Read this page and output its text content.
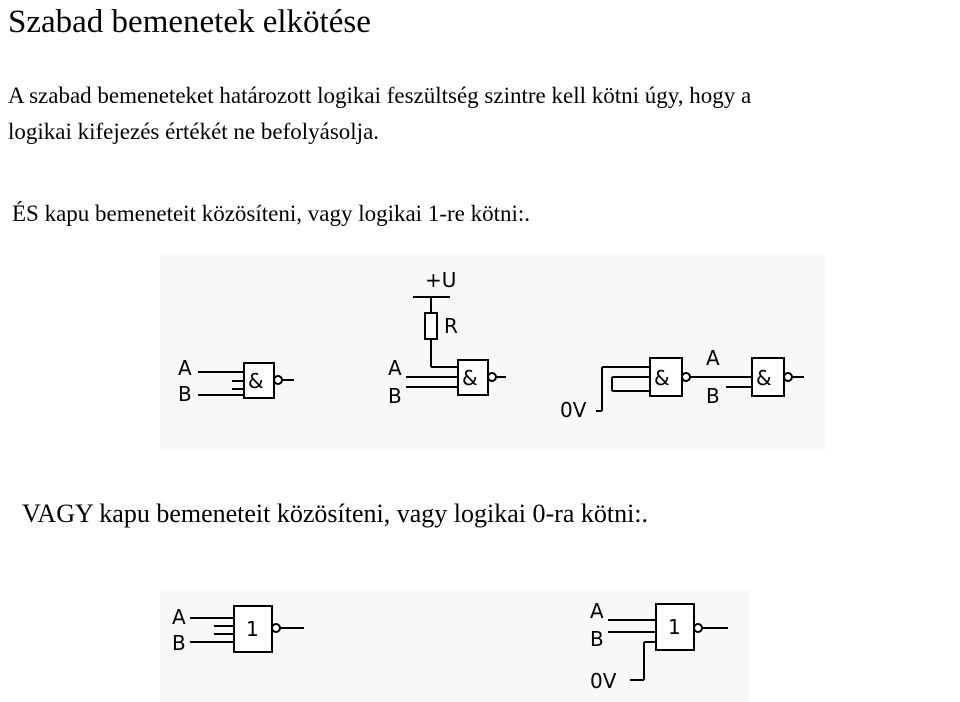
Szabad bemenetek elkötése
A szabad bemeneteket határozott logikai feszültség szintre kell kötni úgy, hogy a
logikai kifejezés értékét ne befolyásolja.
ÉS kapu bemeneteit közösíteni, vagy logikai 1-re kötni:.
A
B
&
+U
R
A
B
&
0V
&
A
B
&
VAGY kapu bemeneteit közösíteni, vagy logikai 0-ra kötni:.
A
B
1
A
B
0V
1
